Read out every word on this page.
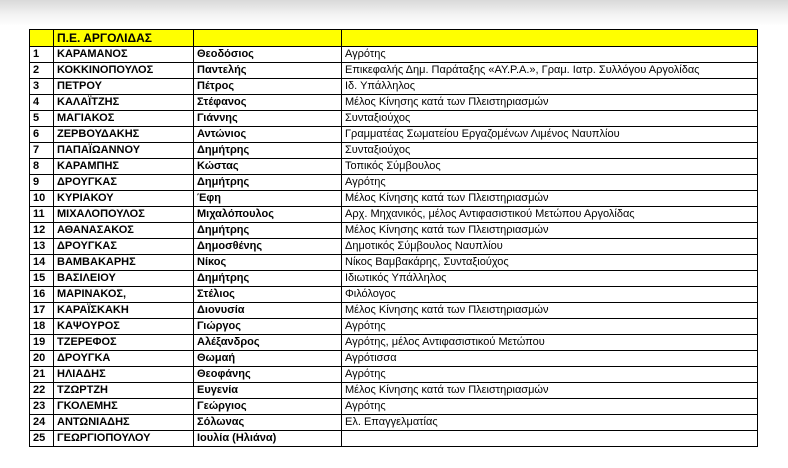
	Π.Ε. ΑΡΓΟΛΙΔΑΣ		
1	ΚΑΡΑΜΑΝΟΣ	Θεοδόσιος	Αγρότης
2	ΚΟΚΚΙΝΟΠΟΥΛΟΣ	Παντελής	Επικεφαλής Δημ. Παράταξης «ΑΥ.Ρ.Α.», Γραμ. Ιατρ. Συλλόγου Αργολίδας
3	ΠΕΤΡΟΥ	Πέτρος	Ιδ. Υπάλληλος
4	ΚΑΛΑΪΤΖΗΣ	Στέφανος	Μέλος Κίνησης κατά των Πλειστηριασμών
5	ΜΑΓΙΑΚΟΣ	Γιάννης	Συνταξιούχος
6	ΖΕΡΒΟΥΔΑΚΗΣ	Αντώνιος	Γραμματέας Σωματείου Εργαζομένων Λιμένος Ναυπλίου
7	ΠΑΠΑΪΩΑΝΝΟΥ	Δημήτρης	Συνταξιούχος
8	ΚΑΡΑΜΠΗΣ	Κώστας	Τοπικός Σύμβουλος
9	ΔΡΟΥΓΚΑΣ	Δημήτρης	Αγρότης
10	ΚΥΡΙΑΚΟΥ	Έφη	Μέλος Κίνησης κατά των Πλειστηριασμών
11	ΜΙΧΑΛΟΠΟΥΛΟΣ	Μιχαλόπουλος	Αρχ. Μηχανικός, μέλος Αντιφασιστικού Μετώπου Αργολίδας
12	ΑΘΑΝΑΣΑΚΟΣ	Δημήτρης	Μέλος Κίνησης κατά των Πλειστηριασμών
13	ΔΡΟΥΓΚΑΣ	Δημοσθένης	Δημοτικός Σύμβουλος Ναυπλίου
14	ΒΑΜΒΑΚΑΡΗΣ	Νίκος	Νίκος Βαμβακάρης, Συνταξιούχος
15	ΒΑΣΙΛΕΙΟΥ	Δημήτρης	Ιδιωτικός Υπάλληλος
16	ΜΑΡΙΝΑΚΟΣ,	Στέλιος	Φιλόλογος
17	ΚΑΡΑΪΣΚΑΚΗ	Διονυσία	Μέλος Κίνησης κατά των Πλειστηριασμών
18	ΚΑΨΟΥΡΟΣ	Γιώργος	Αγρότης
19	ΤΖΕΡΕΦΟΣ	Αλέξανδρος	Αγρότης, μέλος Αντιφασιστικού Μετώπου
20	ΔΡΟΥΓΚΑ	Θωμαή	Αγρότισσα
21	ΗΛΙΑΔΗΣ	Θεοφάνης	Αγρότης
22	ΤΖΩΡΤΖΗ	Ευγενία	Μέλος Κίνησης κατά των Πλειστηριασμών
23	ΓΚΟΛΕΜΗΣ	Γεώργιος	Αγρότης
24	ΑΝΤΩΝΙΑΔΗΣ	Σόλωνας	Ελ. Επαγγελματίας
25	ΓΕΩΡΓΙΟΠΟΥΛΟΥ	Ιουλία (Ηλιάνα)	
